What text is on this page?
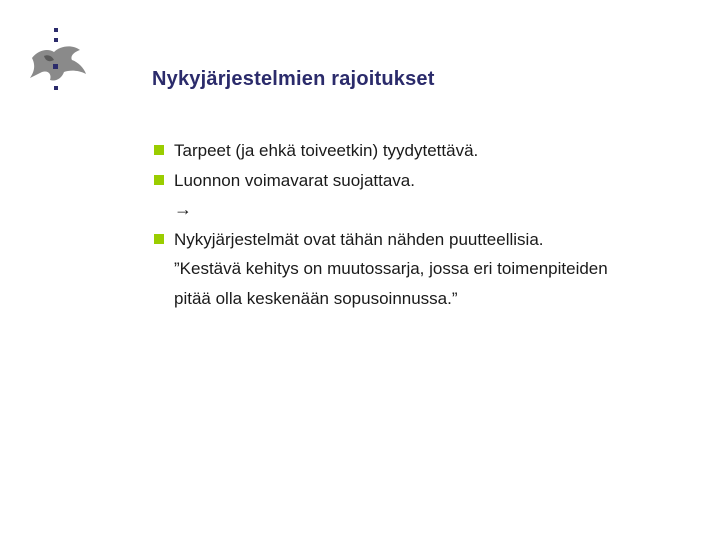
Nykyjärjestelmien rajoitukset
Tarpeet (ja ehkä toiveetkin) tyydytettävä.
Luonnon voimavarat suojattava.
→
Nykyjärjestelmät ovat tähän nähden puutteellisia.
”Kestävä kehitys on muutossarja, jossa eri toimenpiteiden
pitää olla keskenään sopusoinnussa.”
